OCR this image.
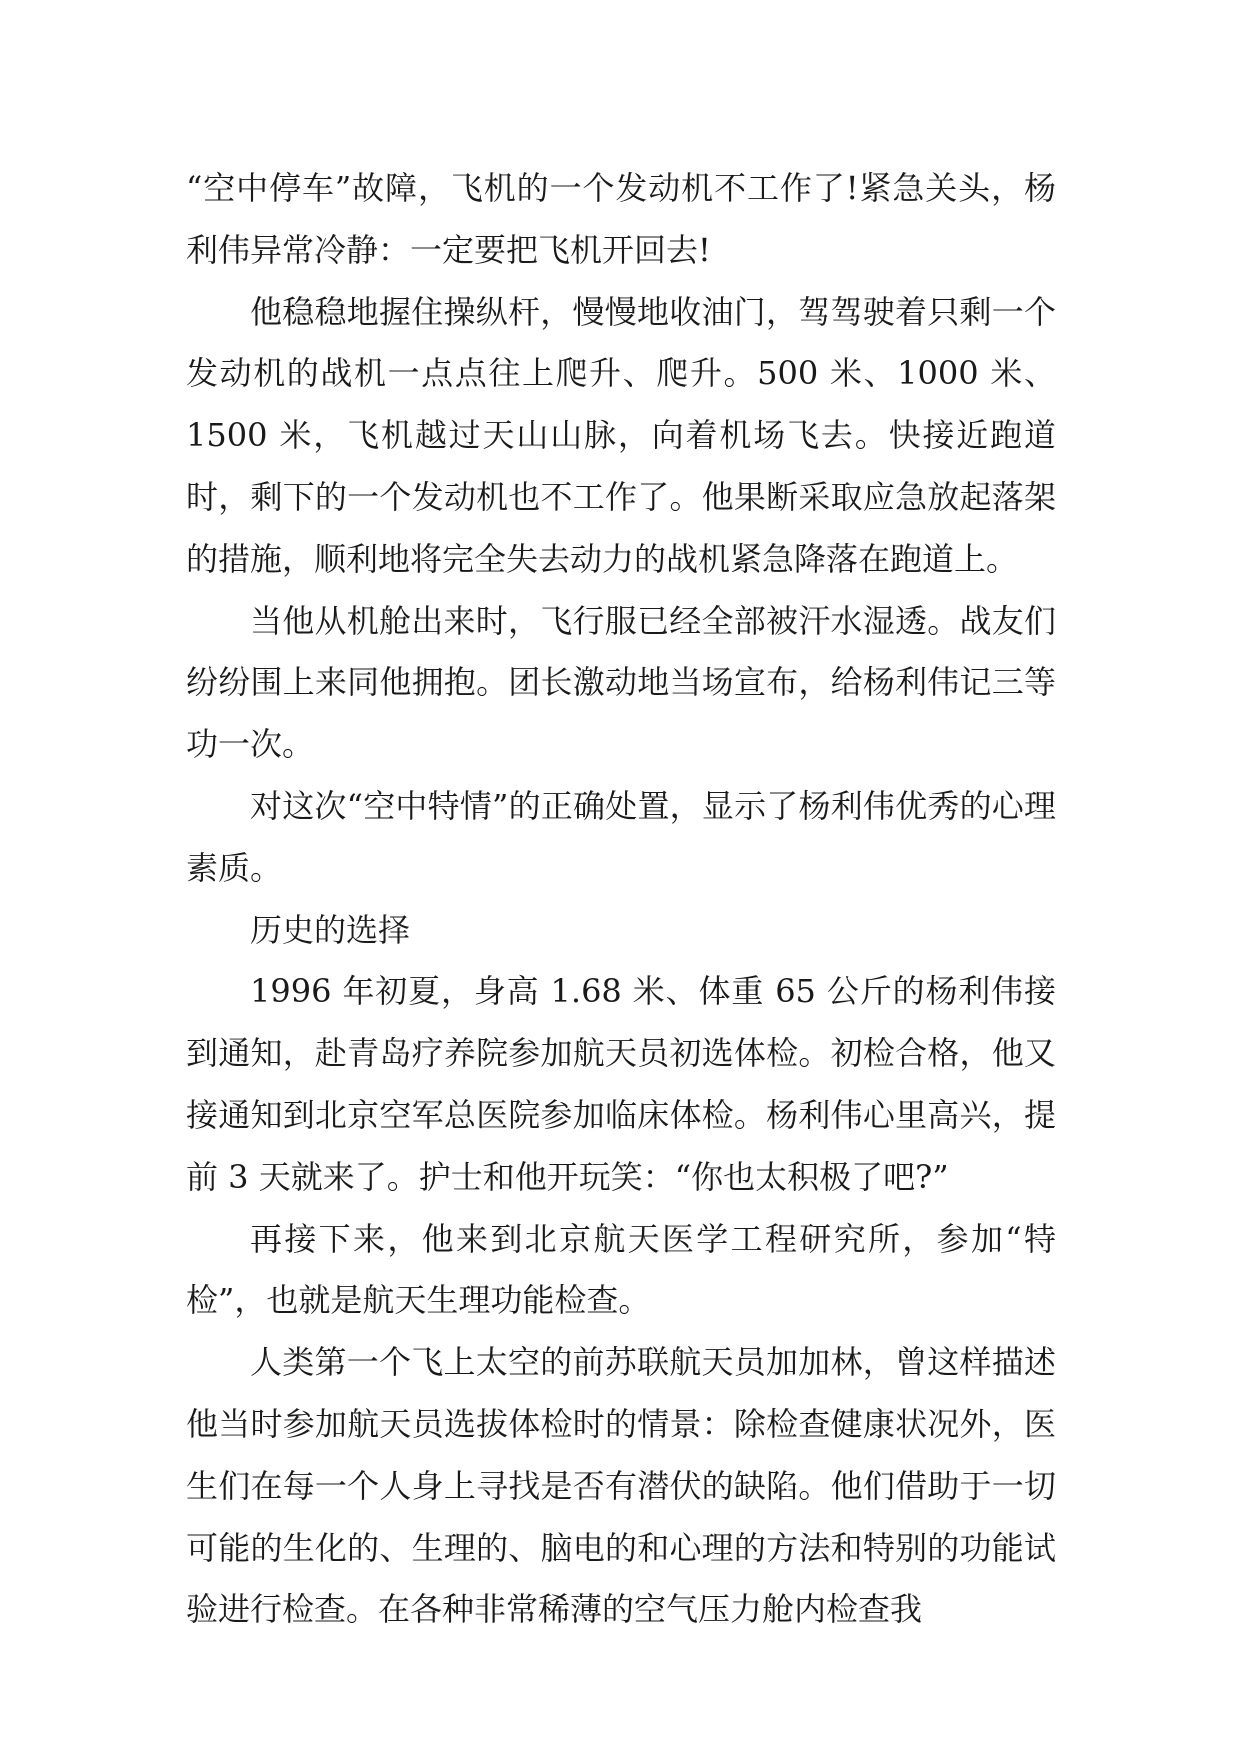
“空中停车”故障，飞机的一个发动机不工作了!紧急关头，杨利伟异常冷静：一定要把飞机开回去!

他稳稳地握住操纵杆，慢慢地收油门，驾驾驶着只剩一个发动机的战机一点点往上爬升、爬升。500 米、1000 米、1500 米，飞机越过天山山脉，向着机场飞去。快接近跑道时，剩下的一个发动机也不工作了。他果断采取应急放起落架的措施，顺利地将完全失去动力的战机紧急降落在跑道上。

当他从机舱出来时，飞行服已经全部被汗水湿透。战友们纷纷围上来同他拥抱。团长激动地当场宣布，给杨利伟记三等功一次。

对这次“空中特情”的正确处置，显示了杨利伟优秀的心理素质。

历史的选择

1996 年初夏，身高 1.68 米、体重 65 公斤的杨利伟接到通知，赴青岛疗养院参加航天员初选体检。初检合格，他又接通知到北京空军总医院参加临床体检。杨利伟心里高兴，提前 3 天就来了。护士和他开玩笑：“你也太积极了吧?”

再接下来，他来到北京航天医学工程研究所，参加“特检”，也就是航天生理功能检查。

人类第一个飞上太空的前苏联航天员加加林，曾这样描述他当时参加航天员选拔体检时的情景：除检查健康状况外，医生们在每一个人身上寻找是否有潜伏的缺陷。他们借助于一切可能的生化的、生理的、脑电的和心理的方法和特别的功能试验进行检查。在各种非常稀薄的空气压力舱内检查我
